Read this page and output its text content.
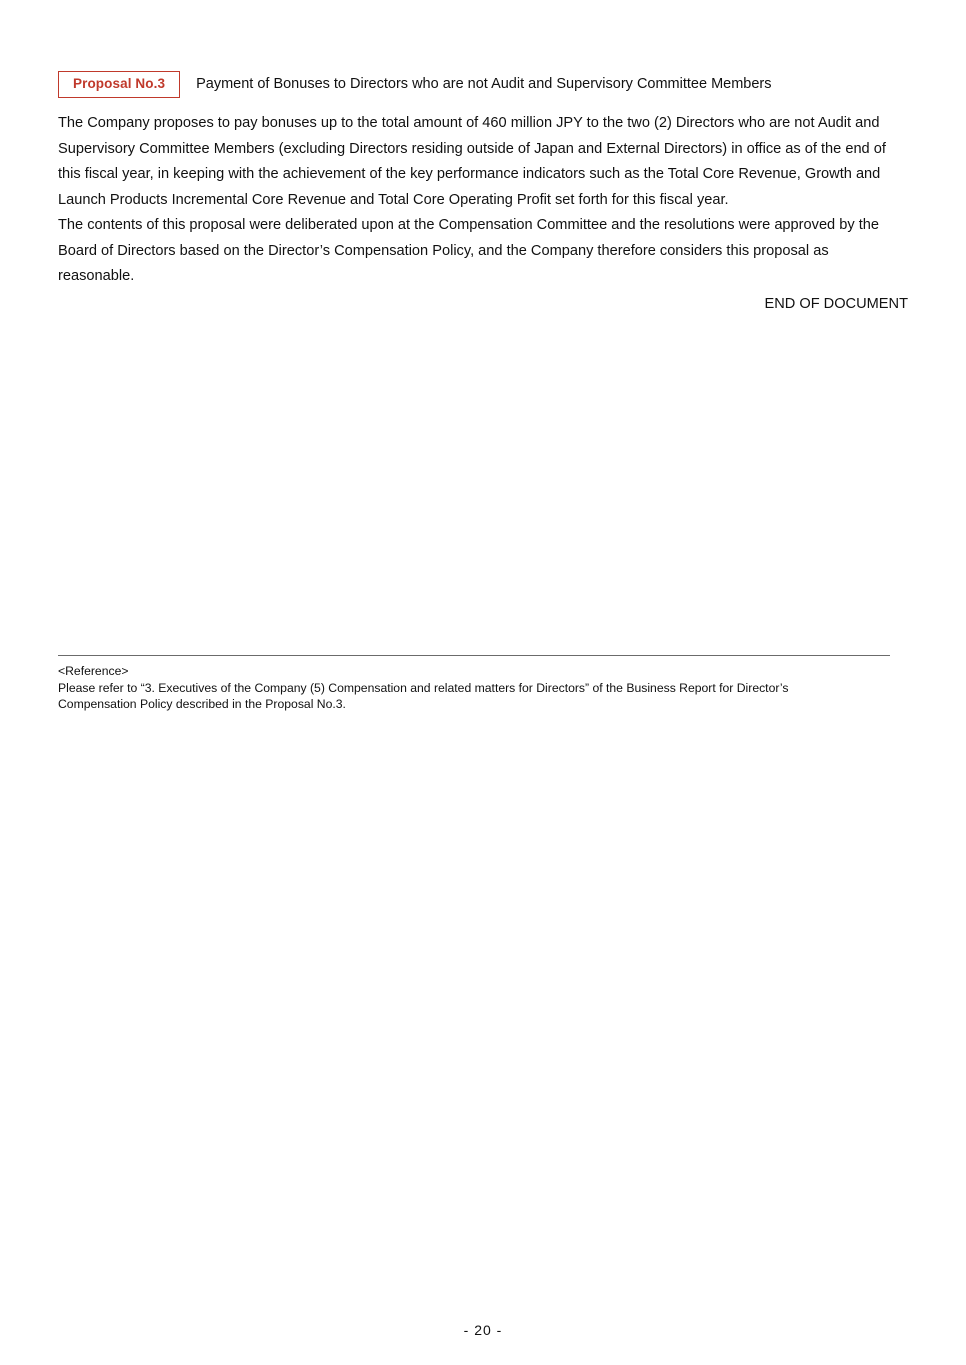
Proposal No.3	Payment of Bonuses to Directors who are not Audit and Supervisory Committee Members

The Company proposes to pay bonuses up to the total amount of 460 million JPY to the two (2) Directors who are not Audit and Supervisory Committee Members (excluding Directors residing outside of Japan and External Directors) in office as of the end of this fiscal year, in keeping with the achievement of the key performance indicators such as the Total Core Revenue, Growth and Launch Products Incremental Core Revenue and Total Core Operating Profit set forth for this fiscal year.

The contents of this proposal were deliberated upon at the Compensation Committee and the resolutions were approved by the Board of Directors based on the Director’s Compensation Policy, and the Company therefore considers this proposal as reasonable.

END OF DOCUMENT

<Reference>

Please refer to “3. Executives of the Company (5) Compensation and related matters for Directors” of the Business Report for Director’s

Compensation Policy described in the Proposal No.3.

- 20 -
